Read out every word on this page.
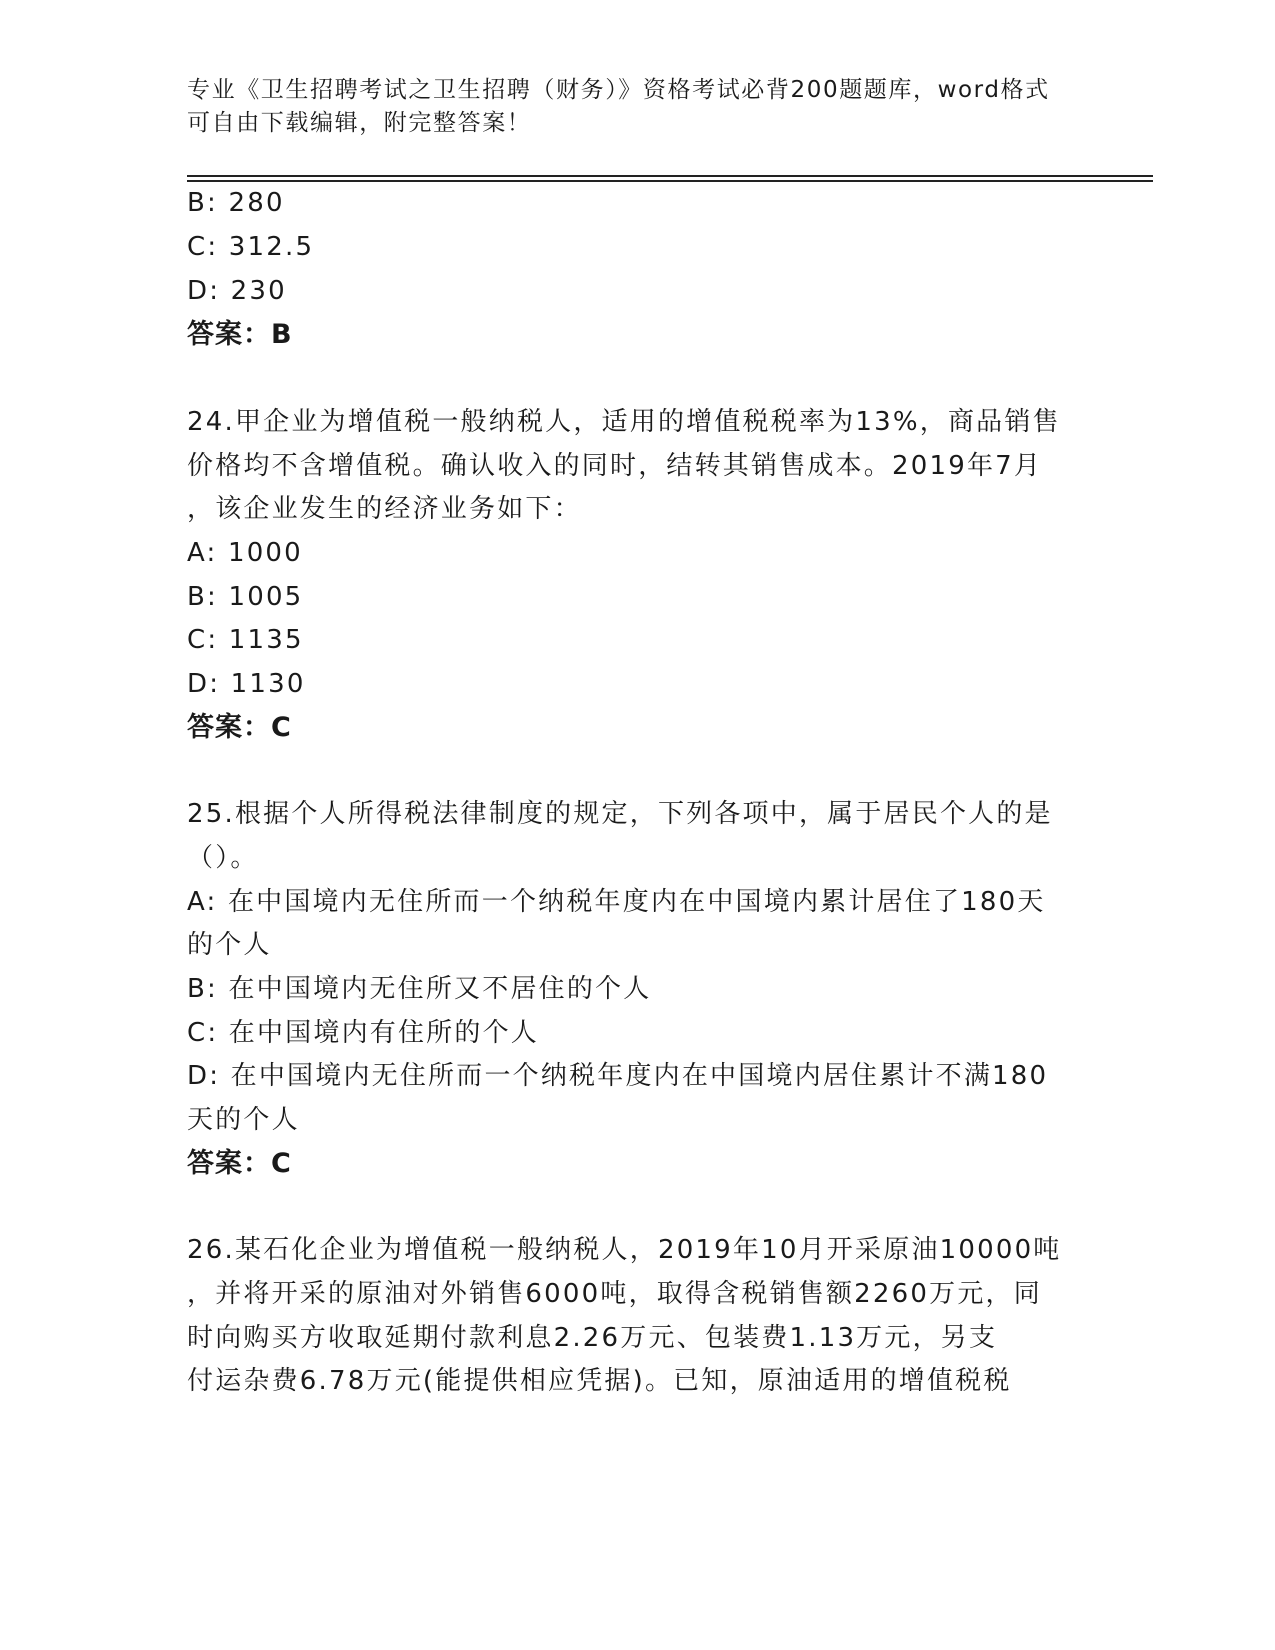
专业《卫生招聘考试之卫生招聘（财务）》资格考试必背200题题库，word格式
可自由下载编辑，附完整答案！
B: 280
C: 312.5
D: 230
答案：B
24.甲企业为增值税一般纳税人，适用的增值税税率为13%，商品销售
价格均不含增值税。确认收入的同时，结转其销售成本。2019年7月
，该企业发生的经济业务如下：
A: 1000
B: 1005
C: 1135
D: 1130
答案：C
25.根据个人所得税法律制度的规定，下列各项中，属于居民个人的是
（）。
A: 在中国境内无住所而一个纳税年度内在中国境内累计居住了180天
的个人
B: 在中国境内无住所又不居住的个人
C: 在中国境内有住所的个人
D: 在中国境内无住所而一个纳税年度内在中国境内居住累计不满180
天的个人
答案：C
26.某石化企业为增值税一般纳税人，2019年10月开采原油10000吨
，并将开采的原油对外销售6000吨，取得含税销售额2260万元，同
时向购买方收取延期付款利息2.26万元、包装费1.13万元，另支
付运杂费6.78万元(能提供相应凭据)。已知，原油适用的增值税税
